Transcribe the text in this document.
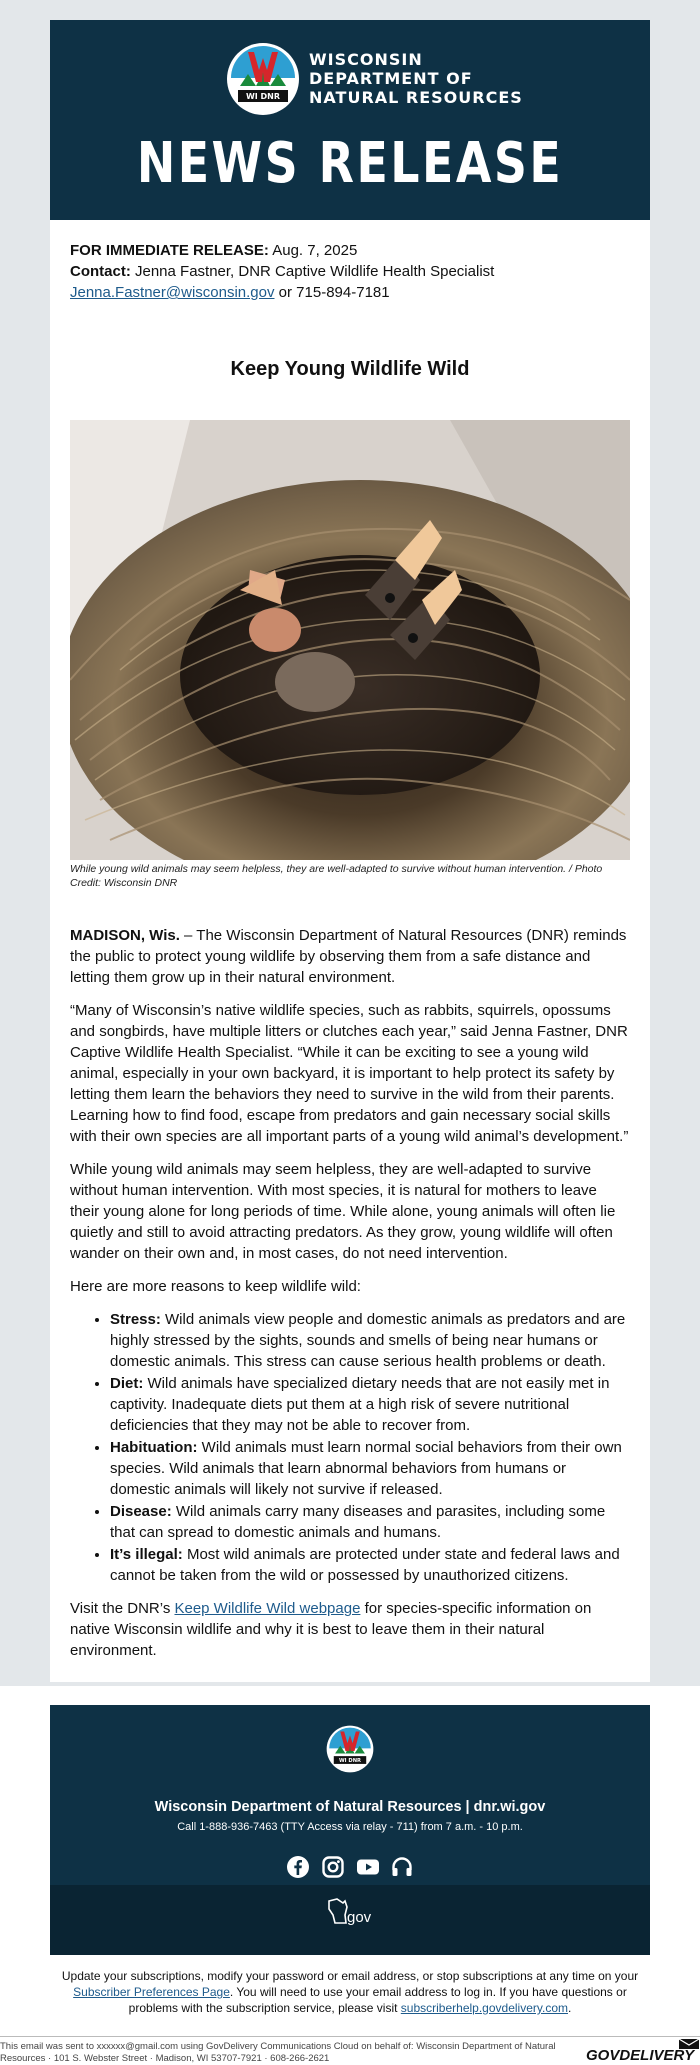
WI DNR
WISCONSIN
DEPARTMENT OF
NATURAL RESOURCES
NEWS RELEASE
FOR IMMEDIATE RELEASE: Aug. 7, 2025
Contact: Jenna Fastner, DNR Captive Wildlife Health Specialist
Jenna.Fastner@wisconsin.gov or 715-894-7181
Keep Young Wildlife Wild
While young wild animals may seem helpless, they are well-adapted to survive without human intervention. / Photo Credit: Wisconsin DNR

MADISON, Wis. – The Wisconsin Department of Natural Resources (DNR) reminds the public to protect young wildlife by observing them from a safe distance and letting them grow up in their natural environment.

“Many of Wisconsin’s native wildlife species, such as rabbits, squirrels, opossums and songbirds, have multiple litters or clutches each year,” said Jenna Fastner, DNR Captive Wildlife Health Specialist. “While it can be exciting to see a young wild animal, especially in your own backyard, it is important to help protect its safety by letting them learn the behaviors they need to survive in the wild from their parents. Learning how to find food, escape from predators and gain necessary social skills with their own species are all important parts of a young wild animal’s development.”

While young wild animals may seem helpless, they are well-adapted to survive without human intervention. With most species, it is natural for mothers to leave their young alone for long periods of time. While alone, young animals will often lie quietly and still to avoid attracting predators. As they grow, young wildlife will often wander on their own and, in most cases, do not need intervention.

Here are more reasons to keep wildlife wild:

• Stress: Wild animals view people and domestic animals as predators and are highly stressed by the sights, sounds and smells of being near humans or domestic animals. This stress can cause serious health problems or death.
• Diet: Wild animals have specialized dietary needs that are not easily met in captivity. Inadequate diets put them at a high risk of severe nutritional deficiencies that they may not be able to recover from.
• Habituation: Wild animals must learn normal social behaviors from their own species. Wild animals that learn abnormal behaviors from humans or domestic animals will likely not survive if released.
• Disease: Wild animals carry many diseases and parasites, including some that can spread to domestic animals and humans.
• It’s illegal: Most wild animals are protected under state and federal laws and cannot be taken from the wild or possessed by unauthorized citizens.

Visit the DNR’s Keep Wildlife Wild webpage for species-specific information on native Wisconsin wildlife and why it is best to leave them in their natural environment.

WI DNR
Wisconsin Department of Natural Resources | dnr.wi.gov
Call 1-888-936-7463 (TTY Access via relay - 711) from 7 a.m. - 10 p.m.

gov
Update your subscriptions, modify your password or email address, or stop subscriptions at any time on your Subscriber Preferences Page. You will need to use your email address to log in. If you have questions or problems with the subscription service, please visit subscriberhelp.govdelivery.com.
This email was sent to xxxxxx@gmail.com using GovDelivery Communications Cloud on behalf of: Wisconsin Department of Natural Resources · 101 S. Webster Street · Madison, WI 53707-7921 · 608-266-2621	GOVDELIVERY
